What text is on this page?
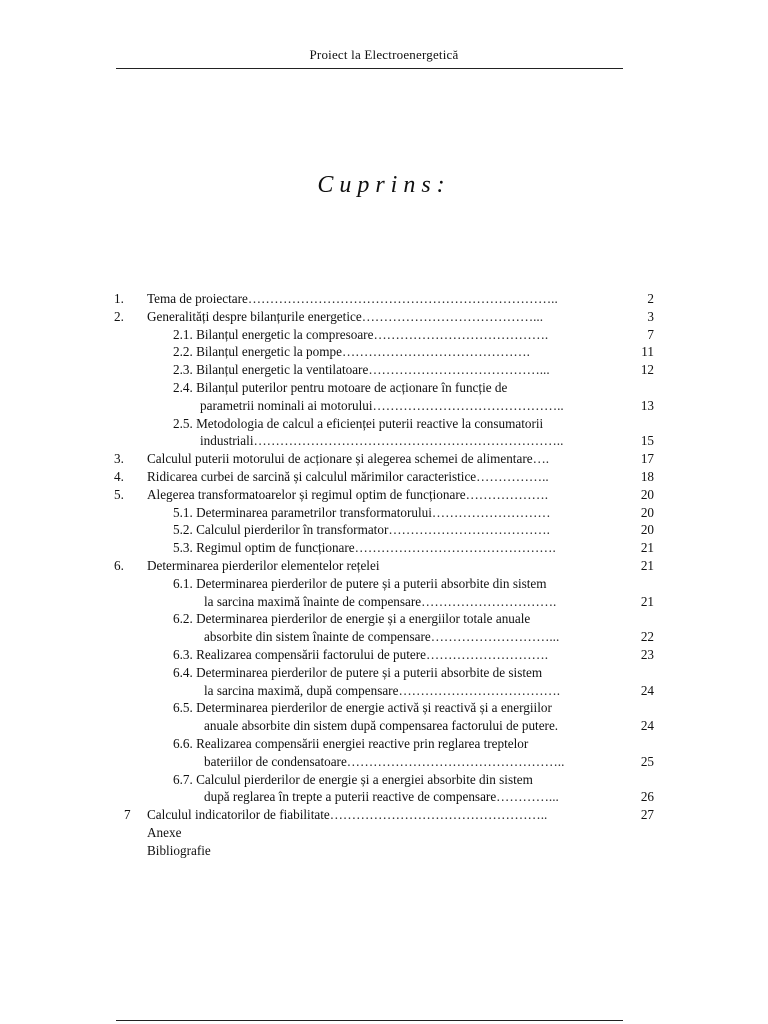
Proiect la Electroenergetică
Cuprins:
1. Tema de proiectare……………………………………………………………..	2
2. Generalități despre bilanțurile energetice…………………………………...	3
2.1. Bilanțul energetic la compresoare………………………………….	7
2.2. Bilanțul energetic la pompe…………………………………….	11
2.3. Bilanțul energetic la ventilatoare…………………………………...	12
2.4. Bilanțul puterilor pentru motoare de acționare în funcție de
parametrii nominali ai motorului……………………………………..	13
2.5. Metodologia de calcul a eficienței puterii reactive la consumatorii
industriali……………………………………………………………..	15
3. Calculul puterii motorului de acționare și alegerea schemei de alimentare….	17
4. Ridicarea curbei de sarcină și calculul mărimilor caracteristice……………..	18
5. Alegerea transformatoarelor și regimul optim de funcționare……………….	20
5.1. Determinarea parametrilor transformatorului………………………	20
5.2. Calculul pierderilor în transformator……………………………….	20
5.3. Regimul optim de funcționare……………………………………….	21
6. Determinarea pierderilor elementelor rețelei	21
6.1. Determinarea pierderilor de putere și a puterii absorbite din sistem
la sarcina maximă înainte de compensare………………………….	21
6.2. Determinarea pierderilor de energie și a energiilor totale anuale
absorbite din sistem înainte de compensare………………………...	22
6.3. Realizarea compensării factorului de putere……………………….	23
6.4. Determinarea pierderilor de putere și a puterii absorbite de sistem
la sarcina maximă, după compensare……………………………….	24
6.5. Determinarea pierderilor de energie activă și reactivă și a energiilor
anuale absorbite din sistem după compensarea factorului de putere.	24
6.6. Realizarea compensării energiei reactive prin reglarea treptelor
bateriilor de condensatoare…………………………………………..	25
6.7. Calculul pierderilor de energie și a energiei absorbite din sistem
după reglarea în trepte a puterii reactive de compensare…………...	26
7 Calculul indicatorilor de fiabilitate…………………………………………..	27
Anexe
Bibliografie
